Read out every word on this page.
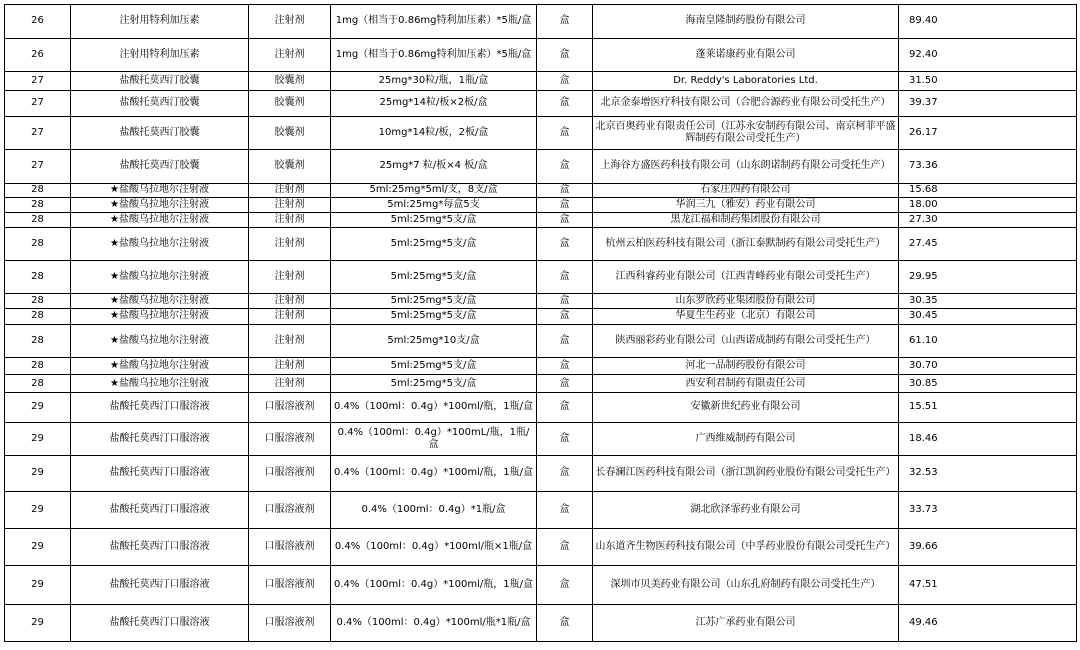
26	注射用特利加压素	注射剂	1mg（相当于0.86mg特利加压素）*5瓶/盒	盒	海南皇隆制药股份有限公司	89.40
26	注射用特利加压素	注射剂	1mg（相当于0.86mg特利加压素）*5瓶/盒	盒	蓬莱诺康药业有限公司	92.40
27	盐酸托莫西汀胶囊	胶囊剂	25mg*30粒/瓶，1瓶/盒	盒	Dr. Reddy's Laboratories Ltd.	31.50
27	盐酸托莫西汀胶囊	胶囊剂	25mg*14粒/板×2板/盒	盒	北京金泰增医疗科技有限公司（合肥合源药业有限公司受托生产）	39.37
27	盐酸托莫西汀胶囊	胶囊剂	10mg*14粒/板，2板/盒	盒	北京百奥药业有限责任公司（江苏永安制药有限公司、南京柯菲平盛辉制药有限公司受托生产）	26.17
27	盐酸托莫西汀胶囊	胶囊剂	25mg*7 粒/板×4 板/盒	盒	上海谷方盛医药科技有限公司（山东朗诺制药有限公司受托生产）	73.36
28	★盐酸乌拉地尔注射液	注射剂	5ml:25mg*5ml/支，8支/盒	盒	石家庄四药有限公司	15.68
28	★盐酸乌拉地尔注射液	注射剂	5ml:25mg*每盒5支	盒	华润三九（雅安）药业有限公司	18.00
28	★盐酸乌拉地尔注射液	注射剂	5ml:25mg*5支/盒	盒	黑龙江福和制药集团股份有限公司	27.30
28	★盐酸乌拉地尔注射液	注射剂	5ml:25mg*5支/盒	盒	杭州云柏医药科技有限公司（浙江泰默制药有限公司受托生产）	27.45
28	★盐酸乌拉地尔注射液	注射剂	5ml:25mg*5支/盒	盒	江西科睿药业有限公司（江西青峰药业有限公司受托生产）	29.95
28	★盐酸乌拉地尔注射液	注射剂	5ml:25mg*5支/盒	盒	山东罗欣药业集团股份有限公司	30.35
28	★盐酸乌拉地尔注射液	注射剂	5ml:25mg*5支/盒	盒	华夏生生药业（北京）有限公司	30.45
28	★盐酸乌拉地尔注射液	注射剂	5ml:25mg*10支/盒	盒	陕西丽彩药业有限公司（山西诺成制药有限公司受托生产）	61.10
28	★盐酸乌拉地尔注射液	注射剂	5ml:25mg*5支/盒	盒	河北一品制药股份有限公司	30.70
28	★盐酸乌拉地尔注射液	注射剂	5ml:25mg*5支/盒	盒	西安利君制药有限责任公司	30.85
29	盐酸托莫西汀口服溶液	口服溶液剂	0.4%（100ml：0.4g）*100ml/瓶，1瓶/盒	盒	安徽新世纪药业有限公司	15.51
29	盐酸托莫西汀口服溶液	口服溶液剂	0.4%（100ml：0.4g）*100mL/瓶，1瓶/盒	盒	广西维威制药有限公司	18.46
29	盐酸托莫西汀口服溶液	口服溶液剂	0.4%（100ml：0.4g）*100ml/瓶，1瓶/盒	盒	长春澜江医药科技有限公司（浙江凯润药业股份有限公司受托生产）	32.53
29	盐酸托莫西汀口服溶液	口服溶液剂	0.4%（100ml：0.4g）*1瓶/盒	盒	湖北欣泽霏药业有限公司	33.73
29	盐酸托莫西汀口服溶液	口服溶液剂	0.4%（100ml：0.4g）*100ml/瓶×1瓶/盒	盒	山东道齐生物医药科技有限公司（中孚药业股份有限公司受托生产）	39.66
29	盐酸托莫西汀口服溶液	口服溶液剂	0.4%（100ml：0.4g）*100ml/瓶，1瓶/盒	盒	深圳市贝美药业有限公司（山东孔府制药有限公司受托生产）	47.51
29	盐酸托莫西汀口服溶液	口服溶液剂	0.4%（100ml：0.4g）*100ml/瓶*1瓶/盒	盒	江苏广承药业有限公司	49.46
